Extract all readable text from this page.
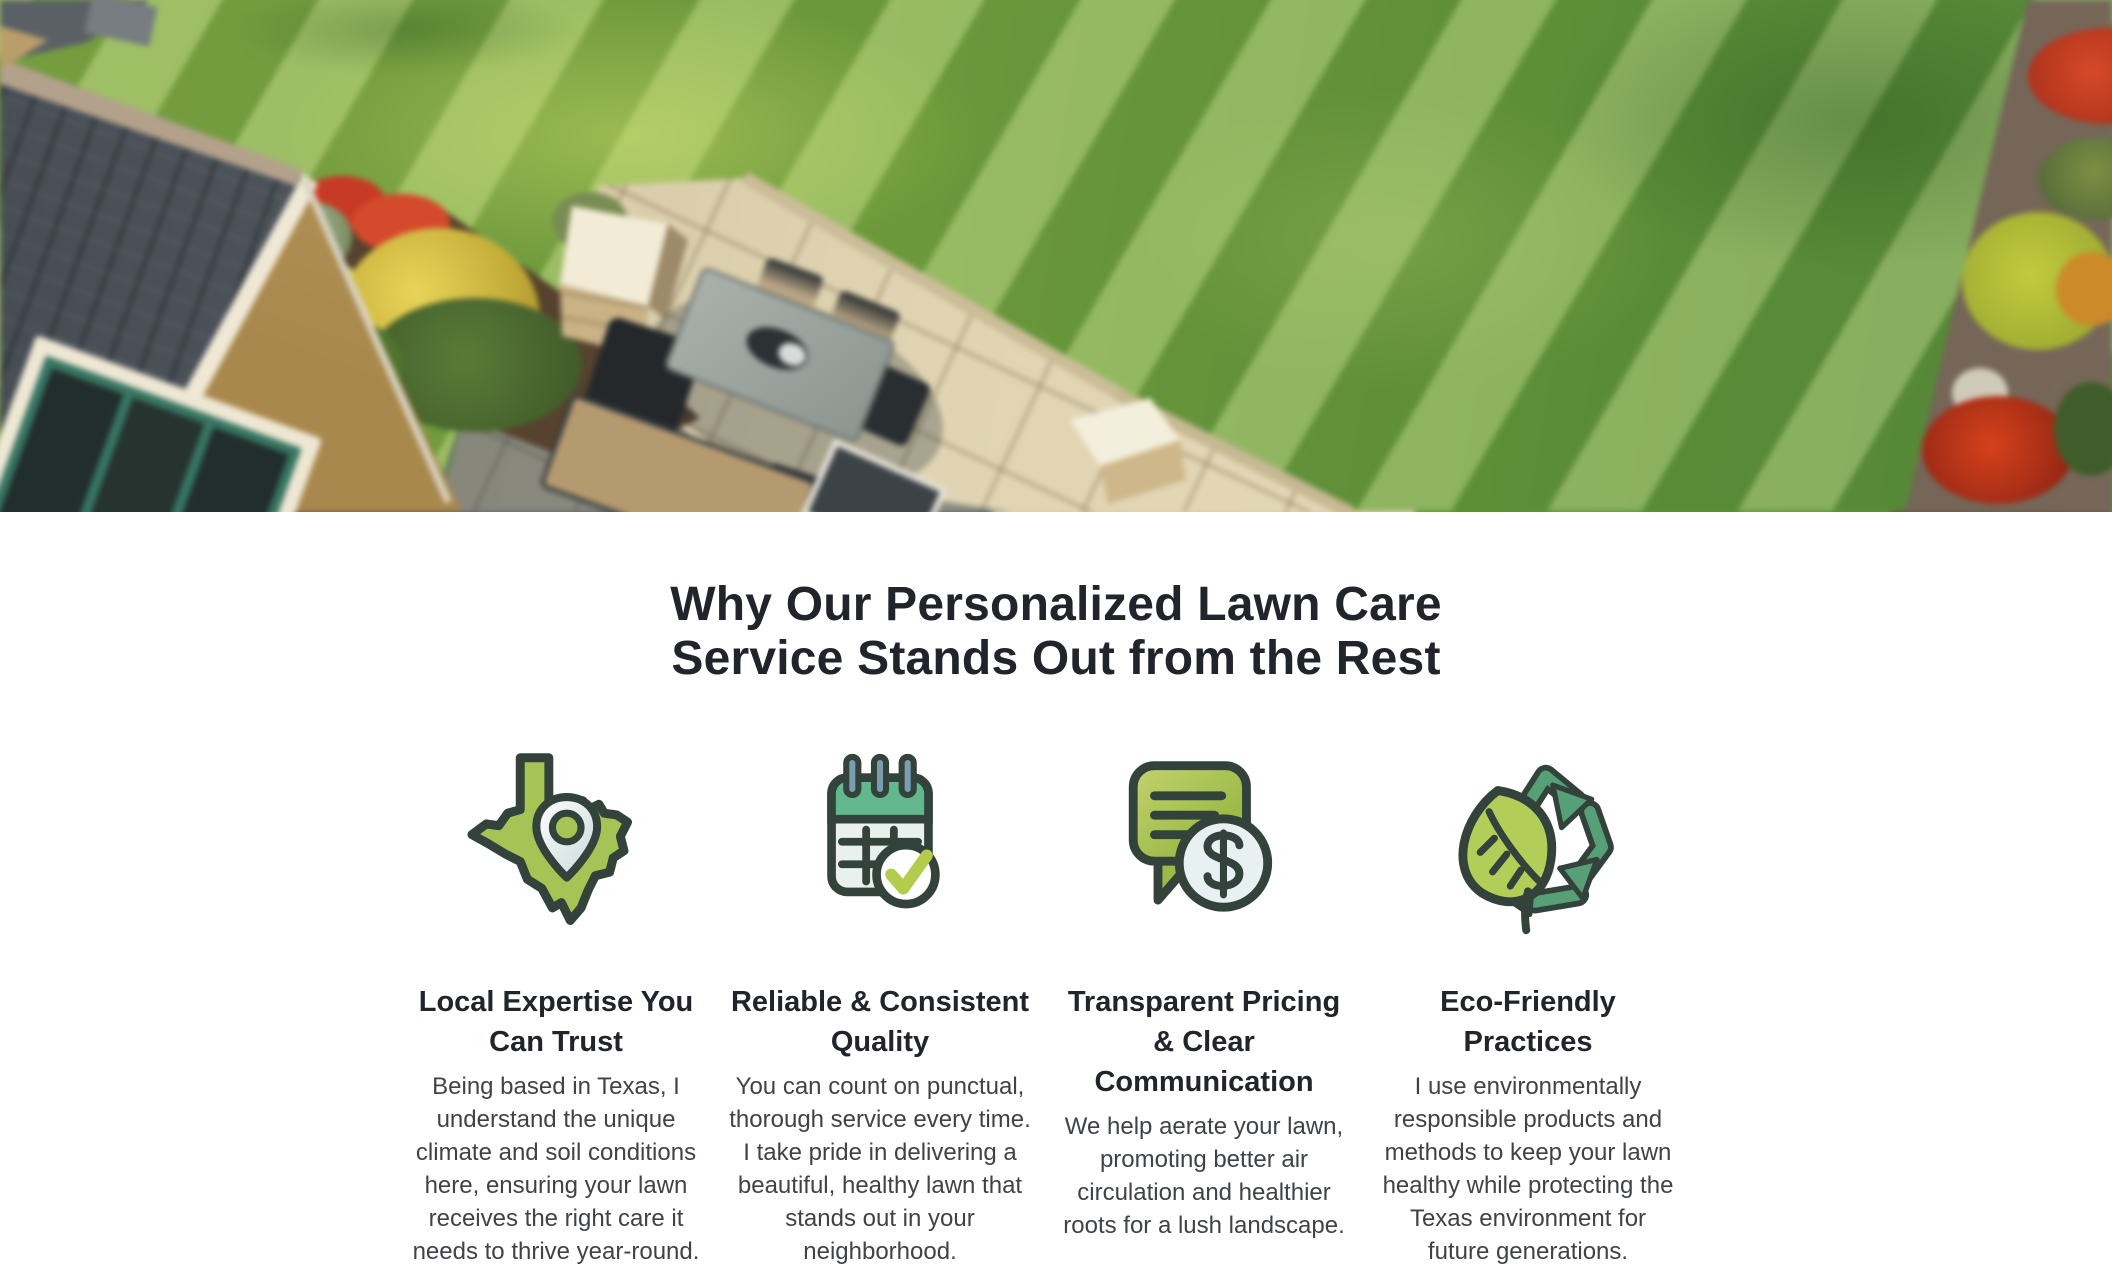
Why Our Personalized Lawn Care
Service Stands Out from the Rest
Local Expertise You
Can Trust

Being based in Texas, I understand the unique climate and soil conditions here, ensuring your lawn receives the right care it needs to thrive year-round.

Reliable & Consistent
Quality

You can count on punctual, thorough service every time. I take pride in delivering a beautiful, healthy lawn that stands out in your neighborhood.

Transparent Pricing
& Clear
Communication

We help aerate your lawn, promoting better air circulation and healthier roots for a lush landscape.

Eco-Friendly
Practices

I use environmentally responsible products and methods to keep your lawn healthy while protecting the Texas environment for future generations.
